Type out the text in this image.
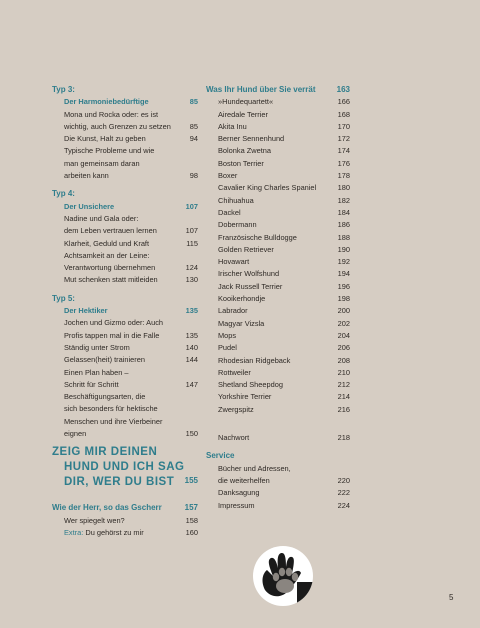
Typ 3:
Der Harmoniebedürftige	85
Mona und Rocka oder: es ist
wichtig, auch Grenzen zu setzen	85
Die Kunst, Halt zu geben	94
Typische Probleme und wie
man gemeinsam daran
arbeiten kann	98
Typ 4:
Der Unsichere	107
Nadine und Gala oder:
dem Leben vertrauen lernen	107
Klarheit, Geduld und Kraft	115
Achtsamkeit an der Leine:
Verantwortung übernehmen	124
Mut schenken statt mitleiden	130
Typ 5:
Der Hektiker	135
Jochen und Gizmo oder: Auch
Profis tappen mal in die Falle	135
Ständig unter Strom	140
Gelassen(heit) trainieren	144
Einen Plan haben –
Schritt für Schritt	147
Beschäftigungsarten, die
sich besonders für hektische
Menschen und ihre Vierbeiner
eignen	150
ZEIG MIR DEINEN
HUND UND ICH SAG
DIR, WER DU BIST 155
Wie der Herr, so das Gscherr	157
Wer spiegelt wen?	158
Extra: Du gehörst zu mir	160
Was Ihr Hund über Sie verrät	163
»Hundequartett«	166
Airedale Terrier	168
Akita Inu	170
Berner Sennenhund	172
Bolonka Zwetna	174
Boston Terrier	176
Boxer	178
Cavalier King Charles Spaniel	180
Chihuahua	182
Dackel	184
Dobermann	186
Französische Bulldogge	188
Golden Retriever	190
Hovawart	192
Irischer Wolfshund	194
Jack Russell Terrier	196
Kooikerhondje	198
Labrador	200
Magyar Vizsla	202
Mops	204
Pudel	206
Rhodesian Ridgeback	208
Rottweiler	210
Shetland Sheepdog	212
Yorkshire Terrier	214
Zwergspitz	216
Nachwort	218
Service
Bücher und Adressen,
die weiterhelfen	220
Danksagung	222
Impressum	224
5
